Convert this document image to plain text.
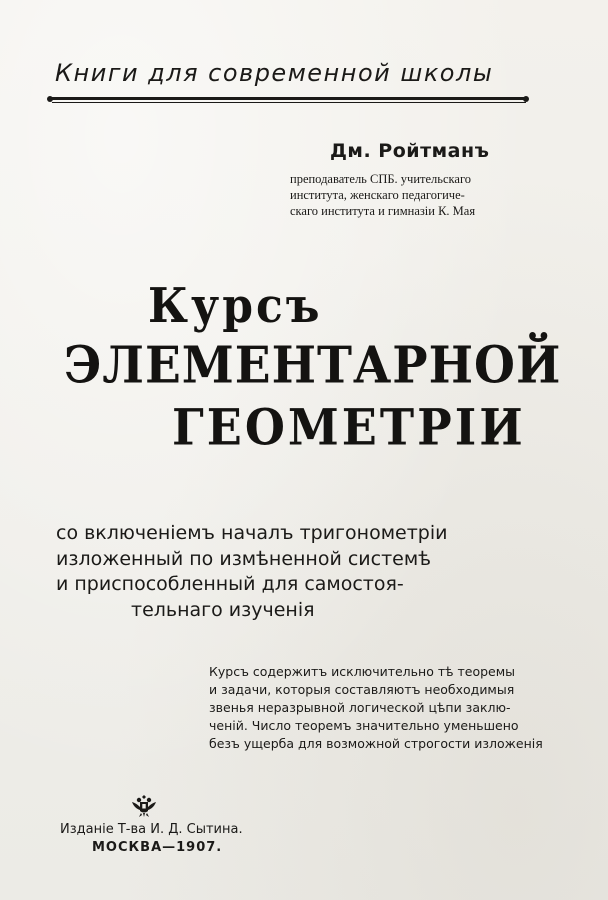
Книги для современной школы
Дм. Ройтманъ
преподаватель СПБ. учительскаго
института, женскаго педагогиче-
скаго института и гимназіи К. Мая
Курсъ
ЭЛЕМЕНТАРНОЙ
ГЕОМЕТРІИ
со включеніемъ началъ тригонометріи
изложенный по измѣненной системѣ
и приспособленный для самостоя-
тельнаго изученія
Курсъ содержитъ исключительно тѣ теоремы
и задачи, которыя составляютъ необходимыя
звенья неразрывной логической цѣпи заклю-
ченій. Число теоремъ значительно уменьшено
безъ ущерба для возможной строгости изложенія
Изданіе Т-ва И. Д. Сытина.
МОСКВА—1907.
